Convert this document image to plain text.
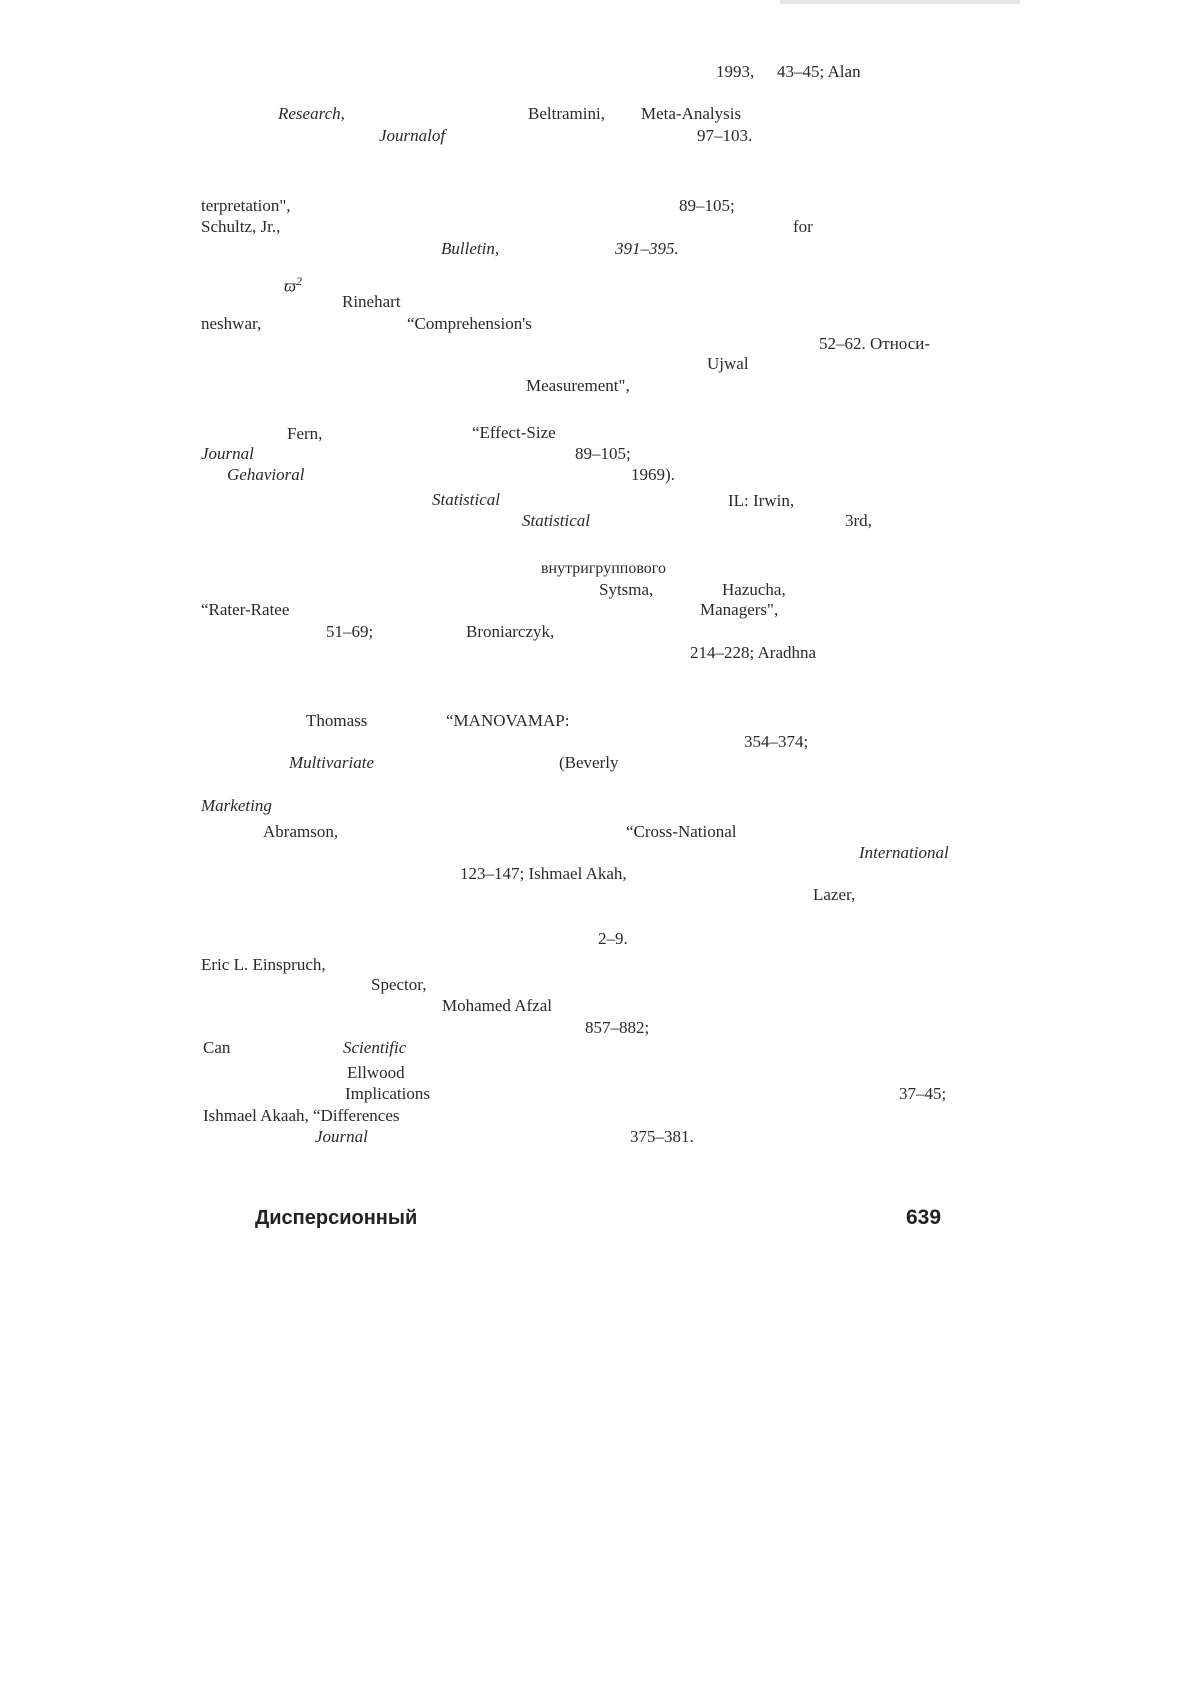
1993, 43–45; Alan
Research,	Beltramini, Meta-Analysis
Journalof	97–103.
terpretation",	89–105;
Schultz, Jr.,	for
Bulletin,	391–395.
$ϖ^2$
Rinehart
neshwar,	“Comprehension's
52–62. Относи-
Ujwal
Measurement",
Fern,	“Effect-Size
Journal	89–105;
Gehavioral	1969).
Statistical	IL: Irwin,
Statistical	3rd,
внутригруппового
Sytsma,	Hazucha,
“Rater-Ratee	Managers",
51–69;	Broniarczyk,
214–228; Aradhna
Thomass	“MANOVAMAP:
354–374;
Multivariate	(Beverly
Marketing
Abramson,	“Cross-National
International
123–147; Ishmael Akah,
Lazer,
2–9.
Eric L. Einspruch,
Spector,
Mohamed Afzal
857–882;
Can	Scientific
Ellwood
Implications	37–45;
Ishmael Akaah, “Differences
Journal	375–381.
Дисперсионный	639
